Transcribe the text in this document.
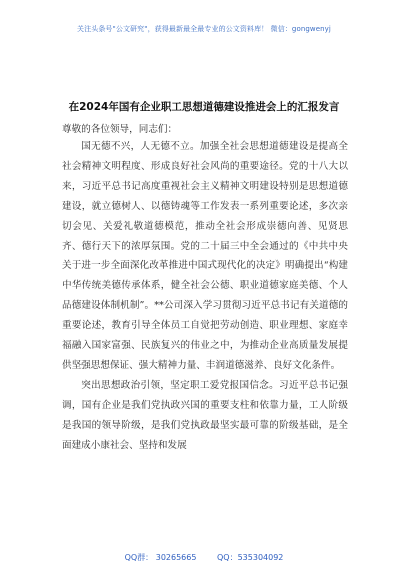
关注头条号"公文研究"，获得最新最全最专业的公文资料库！ 微信：gongwenyj
在2024年国有企业职工思想道德建设推进会上的汇报发言
尊敬的各位领导，同志们：

国无德不兴，人无德不立。加强全社会思想道德建设是提高全社会精神文明程度、形成良好社会风尚的重要途径。党的十八大以来，习近平总书记高度重视社会主义精神文明建设特别是思想道德建设，就立德树人、以德铸魂等工作发表一系列重要论述，多次亲切会见、关爱礼敬道德模范，推动全社会形成崇德向善、见贤思齐、德行天下的浓厚氛围。党的二十届三中全会通过的《中共中央关于进一步全面深化改革推进中国式现代化的决定》明确提出“构建中华传统美德传承体系，健全社会公德、职业道德家庭美德、个人品德建设体制机制”。**公司深入学习贯彻习近平总书记有关道德的重要论述，教育引导全体员工自觉把劳动创造、职业理想、家庭幸福融入国家富强、民族复兴的伟业之中，为推动企业高质量发展提供坚强思想保证、强大精神力量、丰润道德滋养、良好文化条件。

突出思想政治引领，坚定职工爱党报国信念。习近平总书记强调，国有企业是我们党执政兴国的重要支柱和依靠力量，工人阶级是我国的领导阶级，是我们党执政最坚实最可靠的阶级基础，是全面建成小康社会、坚持和发展

QQ群： 30265665	QQ：535304092
